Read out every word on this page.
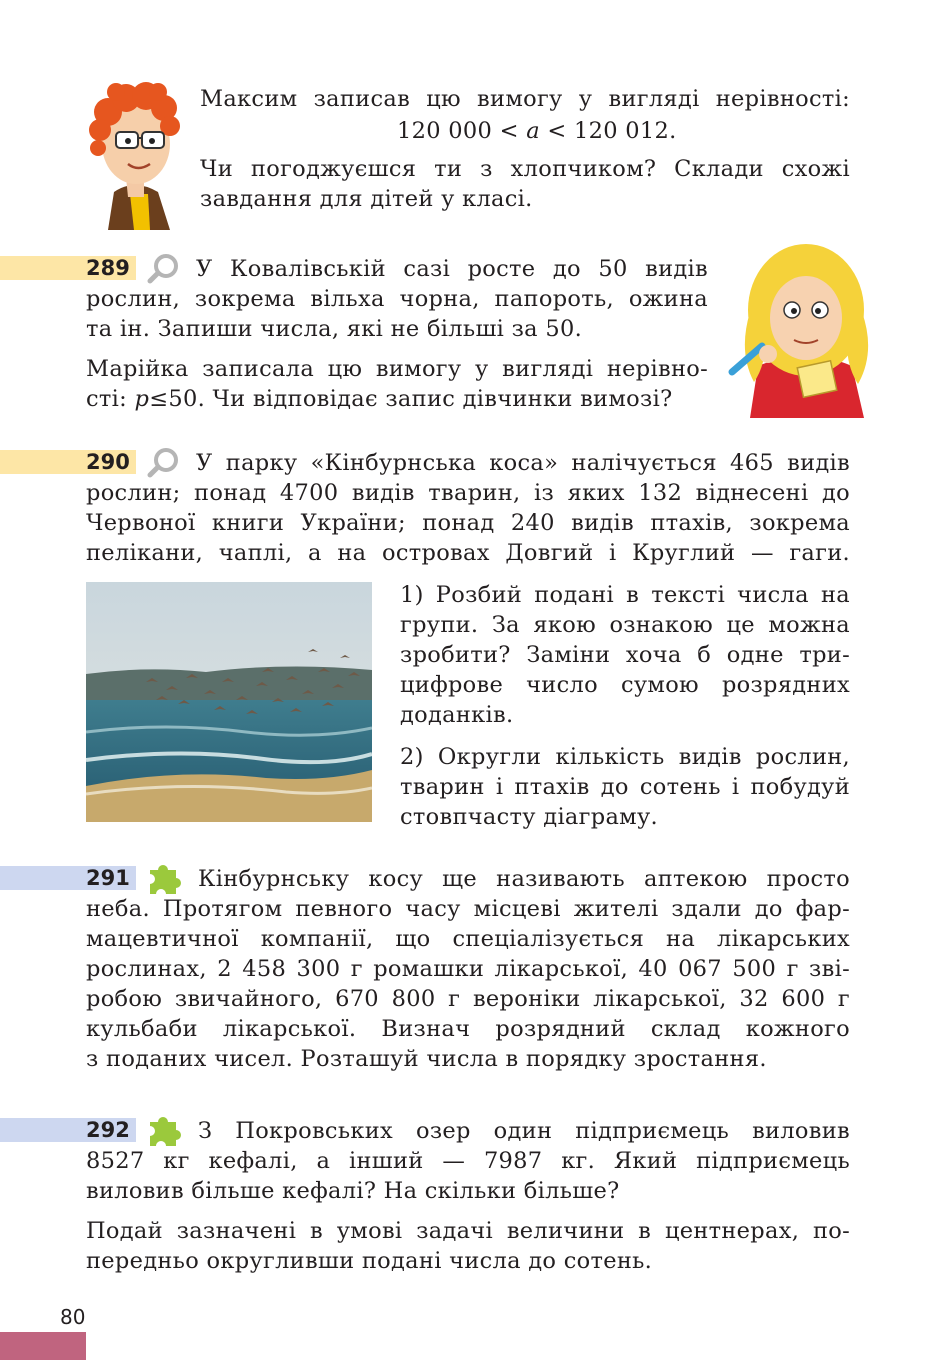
Максим записав цю вимогу у вигляді нерівності:

120 000 < a < 120 012.

Чи погоджуєшся ти з хлопчиком? Склади схожі
завдання для дітей у класі.

289	У Ковалівській сазі росте до 50 видів
рослин, зокрема вільха чорна, папороть, ожина
та ін. Запиши числа, які не більші за 50.

Марійка записала цю вимогу у вигляді нерівно-
сті: p≤50. Чи відповідає запис дівчинки вимозі?

290	У парку «Кінбурнська коса» налічується 465 видів
рослин; понад 4700 видів тварин, із яких 132 віднесені до
Червоної книги України; понад 240 видів птахів, зокрема
пелікани, чаплі, а на островах Довгий і Круглий — гаги.

1) Розбий подані в тексті числа на
групи. За якою ознакою це можна
зробити? Заміни хоча б одне три-
цифрове число сумою розрядних
доданків.

2) Округли кількість видів рослин,
тварин і птахів до сотень і побудуй
стовпчасту діаграму.

291	Кінбурнську косу ще називають аптекою просто
неба. Протягом певного часу місцеві жителі здали до фар-
мацевтичної компанії, що спеціалізується на лікарських
рослинах, 2 458 300 г ромашки лікарської, 40 067 500 г зві-
робою звичайного, 670 800 г вероніки лікарської, 32 600 г
кульбаби лікарської. Визнач розрядний склад кожного
з поданих чисел. Розташуй числа в порядку зростання.

292	З Покровських озер один підприємець виловив
8527 кг кефалі, а інший — 7987 кг. Який підприємець
виловив більше кефалі? На скільки більше?

Подай зазначені в умові задачі величини в центнерах, по-
передньо округливши подані числа до сотень.

80
